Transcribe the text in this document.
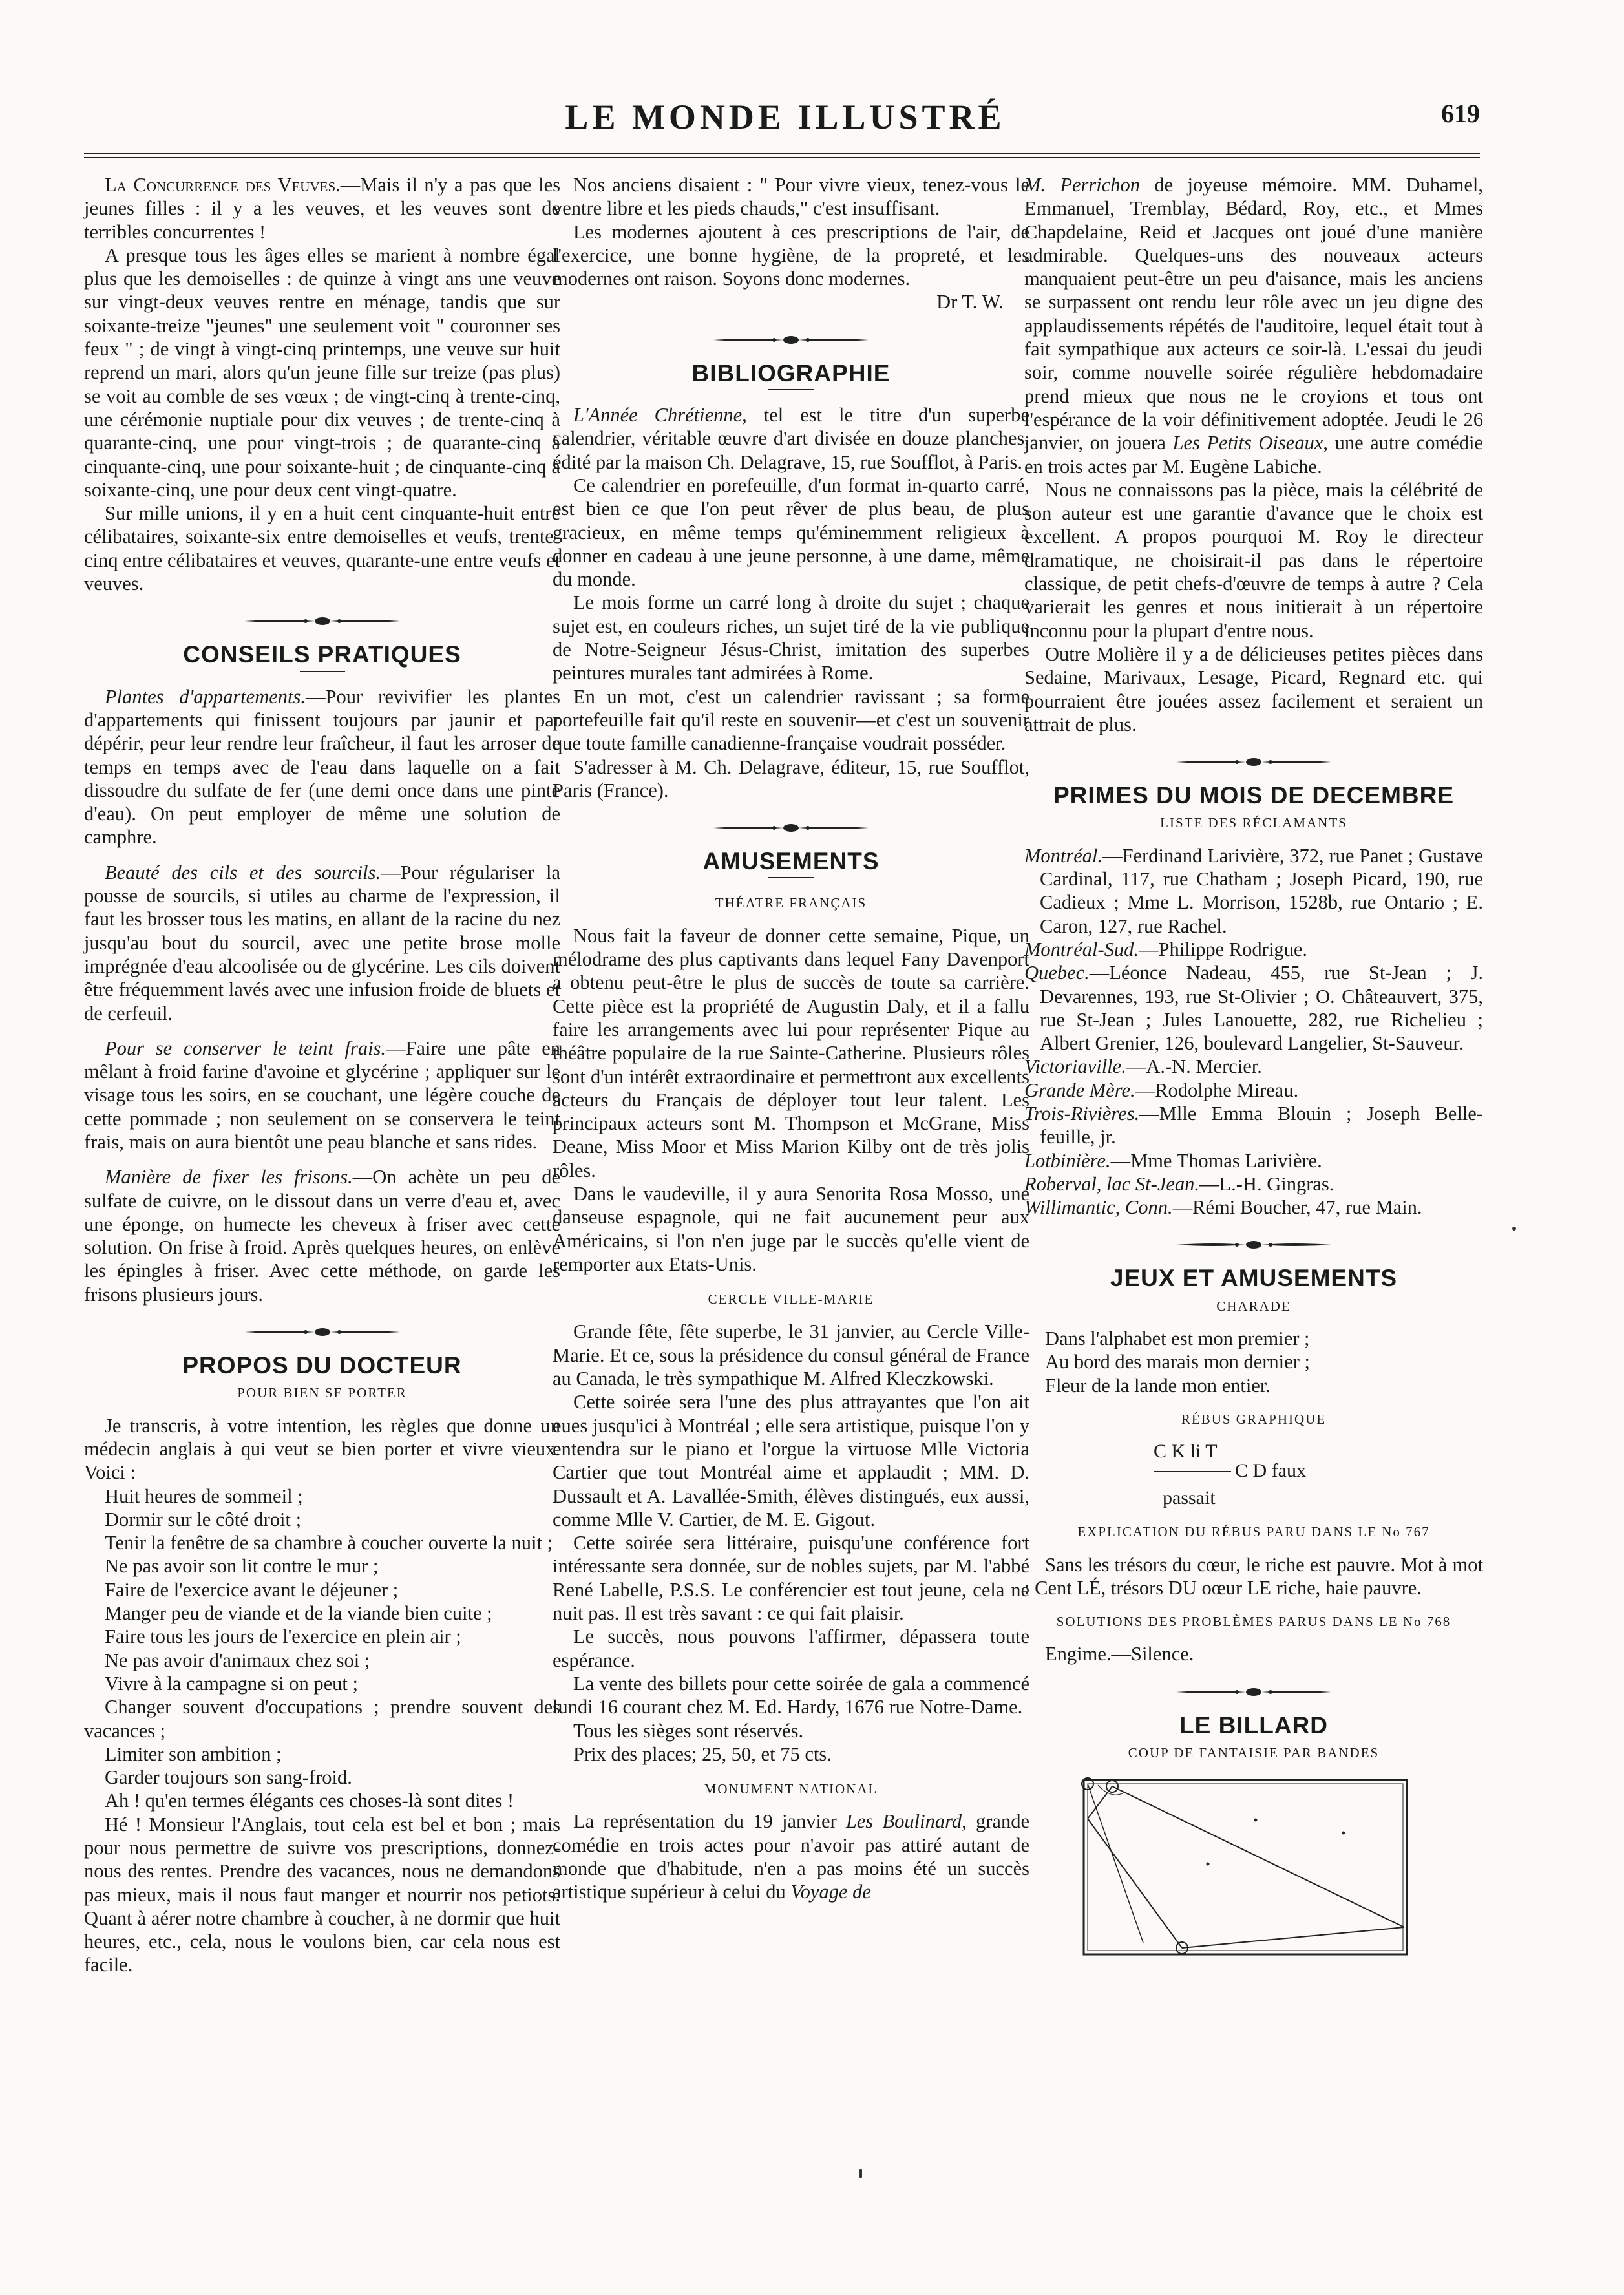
LE MONDE ILLUSTRÉ	619

La Concurrence des Veuves.—Mais il n'y a pas que les jeunes filles : il y a les veuves, et les veuves sont de terribles concurrentes !

A presque tous les âges elles se marient à nombre égal plus que les demoiselles : de quinze à vingt ans une veuve sur vingt-deux veuves rentre en ménage, tandis que sur soixante-treize "jeunes" une seulement voit " couronner ses feux " ; de vingt à vingt-cinq printemps, une veuve sur huit reprend un mari, alors qu'un jeune fille sur treize (pas plus) se voit au comble de ses vœux ; de vingt-cinq à trente-cinq, une cérémonie nuptiale pour dix veuves ; de trente-cinq à quarante-cinq, une pour vingt-trois ; de quarante-cinq à cinquante-cinq, une pour soixante-huit ; de cinquante-cinq à soixante-cinq, une pour deux cent vingt-quatre.

Sur mille unions, il y en a huit cent cinquante-huit entre célibataires, soixante-six entre demoiselles et veufs, trente-cinq entre célibataires et veuves, quarante-une entre veufs et veuves.

CONSEILS PRATIQUES

Plantes d'appartements.—Pour revivifier les plantes d'appartements qui finissent toujours par jaunir et par dépérir, peur leur rendre leur fraîcheur, il faut les arroser de temps en temps avec de l'eau dans laquelle on a fait dissoudre du sulfate de fer (une demi once dans une pinte d'eau). On peut employer de même une solution de camphre.

Beauté des cils et des sourcils.—Pour régulariser la pousse de sourcils, si utiles au charme de l'expression, il faut les brosser tous les matins, en allant de la racine du nez jusqu'au bout du sourcil, avec une petite brose molle imprégnée d'eau alcoolisée ou de glycérine. Les cils doivent être fréquemment lavés avec une infusion froide de bluets et de cerfeuil.

Pour se conserver le teint frais.—Faire une pâte en mêlant à froid farine d'avoine et glycérine ; appliquer sur le visage tous les soirs, en se couchant, une légère couche de cette pommade ; non seulement on se conservera le teint frais, mais on aura bientôt une peau blanche et sans rides.

Manière de fixer les frisons.—On achète un peu de sulfate de cuivre, on le dissout dans un verre d'eau et, avec une éponge, on humecte les cheveux à friser avec cette solution. On frise à froid. Après quelques heures, on enlève les épingles à friser. Avec cette méthode, on garde les frisons plusieurs jours.

PROPOS DU DOCTEUR
POUR BIEN SE PORTER

Je transcris, à votre intention, les règles que donne un médecin anglais à qui veut se bien porter et vivre vieux. Voici :

Huit heures de sommeil ;

Dormir sur le côté droit ;

Tenir la fenêtre de sa chambre à coucher ouverte la nuit ;

Ne pas avoir son lit contre le mur ;

Faire de l'exercice avant le déjeuner ;

Manger peu de viande et de la viande bien cuite ;

Faire tous les jours de l'exercice en plein air ;

Ne pas avoir d'animaux chez soi ;

Vivre à la campagne si on peut ;

Changer souvent d'occupations ; prendre souvent des vacances ;

Limiter son ambition ;

Garder toujours son sang-froid.

Ah ! qu'en termes élégants ces choses-là sont dites !

Hé ! Monsieur l'Anglais, tout cela est bel et bon ; mais pour nous permettre de suivre vos prescriptions, donnez-nous des rentes. Prendre des vacances, nous ne demandons pas mieux, mais il nous faut manger et nourrir nos petiots. Quant à aérer notre chambre à coucher, à ne dormir que huit heures, etc., cela, nous le voulons bien, car cela nous est facile.

Nos anciens disaient : " Pour vivre vieux, tenez-vous le ventre libre et les pieds chauds," c'est insuffisant.

Les modernes ajoutent à ces prescriptions de l'air, de l'exercice, une bonne hygiène, de la propreté, et les modernes ont raison. Soyons donc modernes.

Dr T. W.
BIBLIOGRAPHIE

L'Année Chrétienne, tel est le titre d'un superbe calendrier, véritable œuvre d'art divisée en douze planches, édité par la maison Ch. Delagrave, 15, rue Soufflot, à Paris.

Ce calendrier en porefeuille, d'un format in-quarto carré, est bien ce que l'on peut rêver de plus beau, de plus gracieux, en même temps qu'éminemment religieux à donner en cadeau à une jeune personne, à une dame, même du monde.

Le mois forme un carré long à droite du sujet ; chaque sujet est, en couleurs riches, un sujet tiré de la vie publique de Notre-Seigneur Jésus-Christ, imitation des superbes peintures murales tant admirées à Rome.

En un mot, c'est un calendrier ravissant ; sa forme portefeuille fait qu'il reste en souvenir—et c'est un souvenir que toute famille canadienne-française voudrait posséder.

S'adresser à M. Ch. Delagrave, éditeur, 15, rue Soufflot, Paris (France).

AMUSEMENTS
THÉATRE FRANÇAIS

Nous fait la faveur de donner cette semaine, Pique, un mélodrame des plus captivants dans lequel Fany Davenport a obtenu peut-être le plus de succès de toute sa carrière. Cette pièce est la propriété de Augustin Daly, et il a fallu faire les arrangements avec lui pour représenter Pique au théâtre populaire de la rue Sainte-Catherine. Plusieurs rôles sont d'un intérêt extraordinaire et permettront aux excellents acteurs du Français de déployer tout leur talent. Les principaux acteurs sont M. Thompson et McGrane, Miss Deane, Miss Moor et Miss Marion Kilby ont de très jolis rôles.

Dans le vaudeville, il y aura Senorita Rosa Mosso, une danseuse espagnole, qui ne fait aucunement peur aux Américains, si l'on n'en juge par le succès qu'elle vient de remporter aux Etats-Unis.

CERCLE VILLE-MARIE

Grande fête, fête superbe, le 31 janvier, au Cercle Ville-Marie. Et ce, sous la présidence du consul général de France au Canada, le très sympathique M. Alfred Kleczkowski.

Cette soirée sera l'une des plus attrayantes que l'on ait eues jusqu'ici à Montréal ; elle sera artistique, puisque l'on y entendra sur le piano et l'orgue la virtuose Mlle Victoria Cartier que tout Montréal aime et applaudit ; MM. D. Dussault et A. Lavallée-Smith, élèves distingués, eux aussi, comme Mlle V. Cartier, de M. E. Gigout.

Cette soirée sera littéraire, puisqu'une conférence fort intéressante sera donnée, sur de nobles sujets, par M. l'abbé René Labelle, P.S.S. Le conférencier est tout jeune, cela ne nuit pas. Il est très savant : ce qui fait plaisir.

Le succès, nous pouvons l'affirmer, dépassera toute espérance.

La vente des billets pour cette soirée de gala a commencé lundi 16 courant chez M. Ed. Hardy, 1676 rue Notre-Dame.

Tous les sièges sont réservés.

Prix des places; 25, 50, et 75 cts.

MONUMENT NATIONAL

La représentation du 19 janvier Les Boulinard, grande comédie en trois actes pour n'avoir pas attiré autant de monde que d'habitude, n'en a pas moins été un succès artistique supérieur à celui du Voyage de

M. Perrichon de joyeuse mémoire. MM. Duhamel, Emmanuel, Tremblay, Bédard, Roy, etc., et Mmes Chapdelaine, Reid et Jacques ont joué d'une manière admirable. Quelques-uns des nouveaux acteurs manquaient peut-être un peu d'aisance, mais les anciens se surpassent ont rendu leur rôle avec un jeu digne des applaudissements répétés de l'auditoire, lequel était tout à fait sympathique aux acteurs ce soir-là. L'essai du jeudi soir, comme nouvelle soirée régulière hebdomadaire prend mieux que nous ne le croyions et tous ont l'espérance de la voir définitivement adoptée. Jeudi le 26 janvier, on jouera Les Petits Oiseaux, une autre comédie en trois actes par M. Eugène Labiche.

Nous ne connaissons pas la pièce, mais la célébrité de son auteur est une garantie d'avance que le choix est excellent. A propos pourquoi M. Roy le directeur dramatique, ne choisirait-il pas dans le répertoire classique, de petit chefs-d'œuvre de temps à autre ? Cela varierait les genres et nous initierait à un répertoire inconnu pour la plupart d'entre nous.

Outre Molière il y a de délicieuses petites pièces dans Sedaine, Marivaux, Lesage, Picard, Regnard etc. qui pourraient être jouées assez facilement et seraient un attrait de plus.

PRIMES DU MOIS DE DECEMBRE
LISTE DES RÉCLAMANTS

Montréal.—Ferdinand Larivière, 372, rue Panet ; Gustave Cardinal, 117, rue Chatham ; Joseph Picard, 190, rue Cadieux ; Mme L. Morrison, 1528b, rue Ontario ; E. Caron, 127, rue Rachel.

Montréal-Sud.—Philippe Rodrigue.

Quebec.—Léonce Nadeau, 455, rue St-Jean ; J. Devarennes, 193, rue St-Olivier ; O. Châteauvert, 375, rue St-Jean ; Jules Lanouette, 282, rue Richelieu ; Albert Grenier, 126, boulevard Langelier, St-Sauveur.

Victoriaville.—A.-N. Mercier.

Grande Mère.—Rodolphe Mireau.

Trois-Rivières.—Mlle Emma Blouin ; Joseph Belle-feuille, jr.

Lotbinière.—Mme Thomas Larivière.

Roberval, lac St-Jean.—L.-H. Gingras.

Willimantic, Conn.—Rémi Boucher, 47, rue Main.

JEUX ET AMUSEMENTS
CHARADE

Dans l'alphabet est mon premier ;

Au bord des marais mon dernier ;

Fleur de la lande mon entier.

RÉBUS GRAPHIQUE
C K li T
C D faux
passait
EXPLICATION DU RÉBUS PARU DANS LE No 767

Sans les trésors du cœur, le riche est pauvre. Mot à mot : Cent LÉ, trésors DU oœur LE riche, haie pauvre.

SOLUTIONS DES PROBLÈMES PARUS DANS LE No 768

Engime.—Silence.

LE BILLARD
COUP DE FANTAISIE PAR BANDES
